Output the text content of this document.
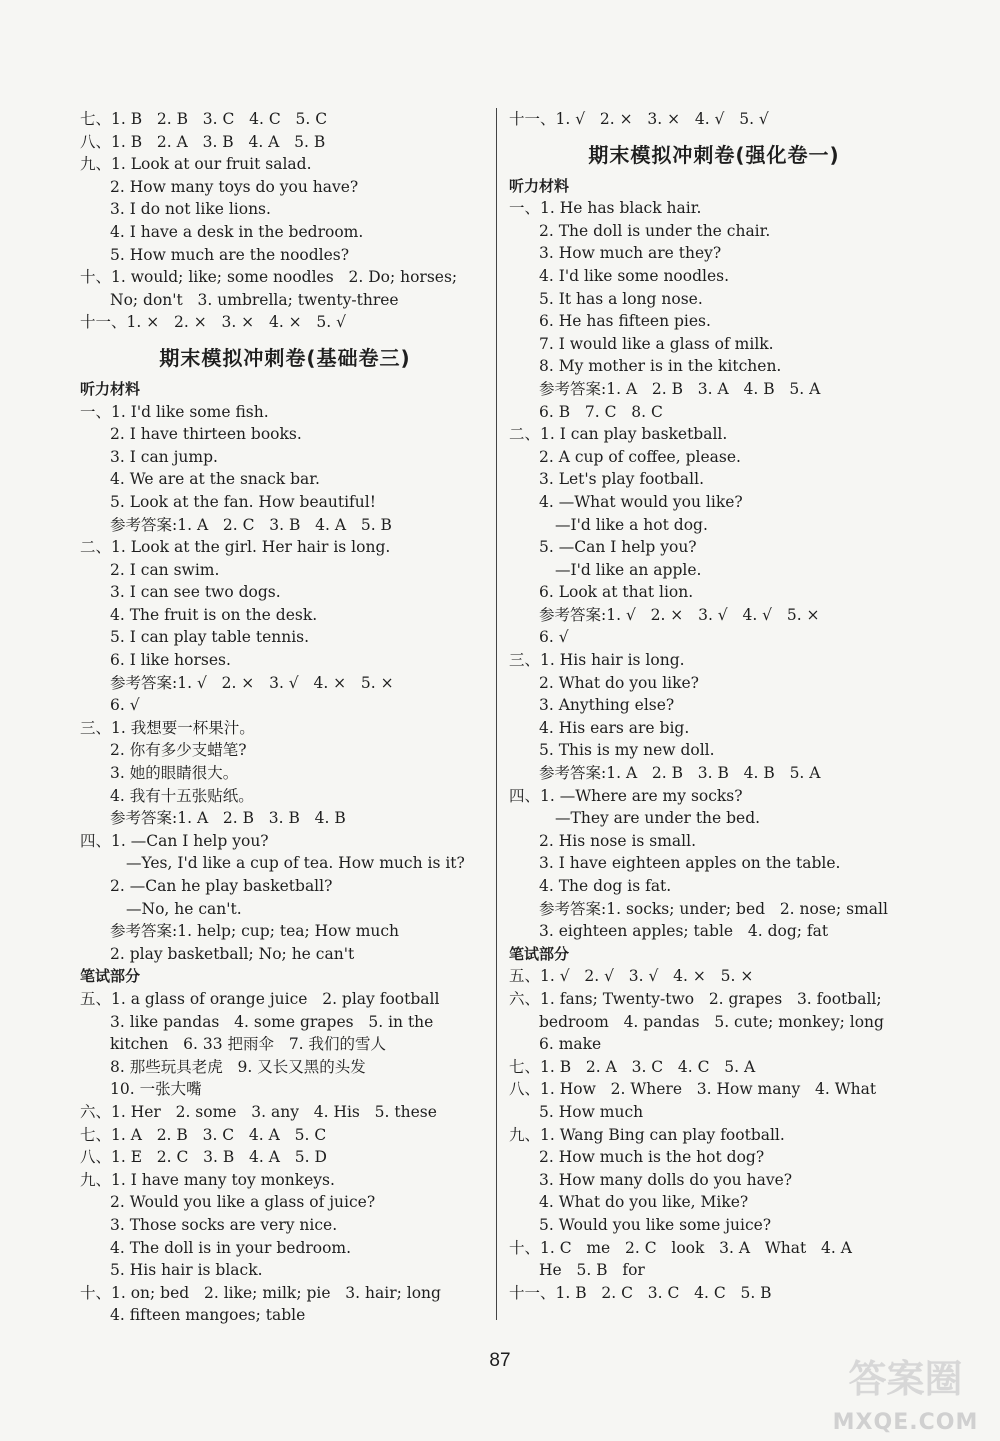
七、1. B   2. B   3. C   4. C   5. C
八、1. B   2. A   3. B   4. A   5. B
九、1. Look at our fruit salad.
2. How many toys do you have?
3. I do not like lions.
4. I have a desk in the bedroom.
5. How much are the noodles?
十、1. would; like; some noodles   2. Do; horses;
No; don't   3. umbrella; twenty-three
十一、1. ×   2. ×   3. ×   4. ×   5. √
期末模拟冲刺卷(基础卷三)
听力材料
一、1. I'd like some fish.
2. I have thirteen books.
3. I can jump.
4. We are at the snack bar.
5. Look at the fan. How beautiful!
参考答案:1. A   2. C   3. B   4. A   5. B
二、1. Look at the girl. Her hair is long.
2. I can swim.
3. I can see two dogs.
4. The fruit is on the desk.
5. I can play table tennis.
6. I like horses.
参考答案:1. √   2. ×   3. √   4. ×   5. ×
6. √
三、1. 我想要一杯果汁。
2. 你有多少支蜡笔?
3. 她的眼睛很大。
4. 我有十五张贴纸。
参考答案:1. A   2. B   3. B   4. B
四、1. —Can I help you?
—Yes, I'd like a cup of tea. How much is it?
2. —Can he play basketball?
—No, he can't.
参考答案:1. help; cup; tea; How much
2. play basketball; No; he can't
笔试部分
五、1. a glass of orange juice   2. play football
3. like pandas   4. some grapes   5. in the
kitchen   6. 33 把雨伞   7. 我们的雪人
8. 那些玩具老虎   9. 又长又黑的头发
10. 一张大嘴
六、1. Her   2. some   3. any   4. His   5. these
七、1. A   2. B   3. C   4. A   5. C
八、1. E   2. C   3. B   4. A   5. D
九、1. I have many toy monkeys.
2. Would you like a glass of juice?
3. Those socks are very nice.
4. The doll is in your bedroom.
5. His hair is black.
十、1. on; bed   2. like; milk; pie   3. hair; long
4. fifteen mangoes; table
十一、1. √   2. ×   3. ×   4. √   5. √
期末模拟冲刺卷(强化卷一)
听力材料
一、1. He has black hair.
2. The doll is under the chair.
3. How much are they?
4. I'd like some noodles.
5. It has a long nose.
6. He has fifteen pies.
7. I would like a glass of milk.
8. My mother is in the kitchen.
参考答案:1. A   2. B   3. A   4. B   5. A
6. B   7. C   8. C
二、1. I can play basketball.
2. A cup of coffee, please.
3. Let's play football.
4. —What would you like?
—I'd like a hot dog.
5. —Can I help you?
—I'd like an apple.
6. Look at that lion.
参考答案:1. √   2. ×   3. √   4. √   5. ×
6. √
三、1. His hair is long.
2. What do you like?
3. Anything else?
4. His ears are big.
5. This is my new doll.
参考答案:1. A   2. B   3. B   4. B   5. A
四、1. —Where are my socks?
—They are under the bed.
2. His nose is small.
3. I have eighteen apples on the table.
4. The dog is fat.
参考答案:1. socks; under; bed   2. nose; small
3. eighteen apples; table   4. dog; fat
笔试部分
五、1. √   2. √   3. √   4. ×   5. ×
六、1. fans; Twenty-two   2. grapes   3. football;
bedroom   4. pandas   5. cute; monkey; long
6. make
七、1. B   2. A   3. C   4. C   5. A
八、1. How   2. Where   3. How many   4. What
5. How much
九、1. Wang Bing can play football.
2. How much is the hot dog?
3. How many dolls do you have?
4. What do you like, Mike?
5. Would you like some juice?
十、1. C   me   2. C   look   3. A   What   4. A
He   5. B   for
十一、1. B   2. C   3. C   4. C   5. B
87	答案圈
MXQE.COM
